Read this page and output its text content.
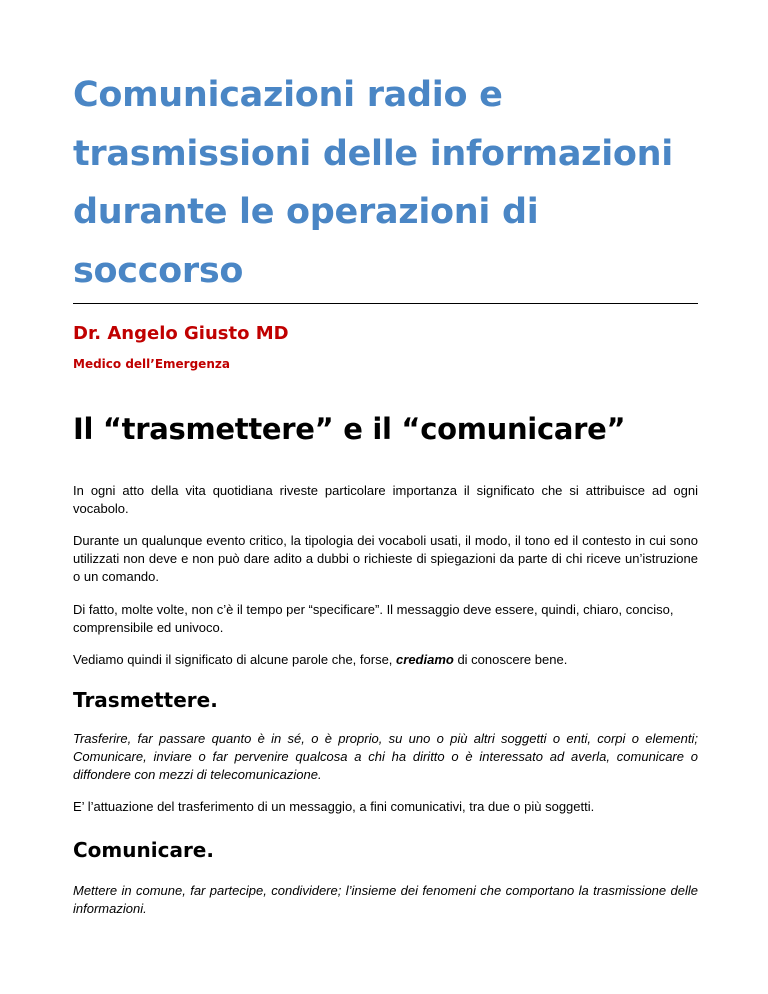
Comunicazioni radio e trasmissioni delle informazioni durante le operazioni di soccorso

Dr. Angelo Giusto MD

Medico dell’Emergenza

Il “trasmettere” e il “comunicare”

In ogni atto della vita quotidiana riveste particolare importanza il significato che si attribuisce ad ogni vocabolo.

Durante un qualunque evento critico, la tipologia dei vocaboli usati, il modo, il tono ed il contesto in cui sono utilizzati non deve e non può dare adito a dubbi o richieste di spiegazioni da parte di chi riceve un’istruzione o un comando.

Di fatto, molte volte, non c’è il tempo per “specificare”. Il messaggio deve essere, quindi, chiaro, conciso, comprensibile ed univoco.

Vediamo quindi il significato di alcune parole che, forse, crediamo di conoscere bene.

Trasmettere.

Trasferire, far passare quanto è in sé, o è proprio, su uno o più altri soggetti o enti, corpi o elementi; Comunicare, inviare o far pervenire qualcosa a chi ha diritto o è interessato ad averla, comunicare o diffondere con mezzi di telecomunicazione.

E’ l’attuazione del trasferimento di un messaggio, a fini comunicativi, tra due o più soggetti.

Comunicare.

Mettere in comune, far partecipe, condividere; l’insieme dei fenomeni che comportano la trasmissione delle informazioni.
